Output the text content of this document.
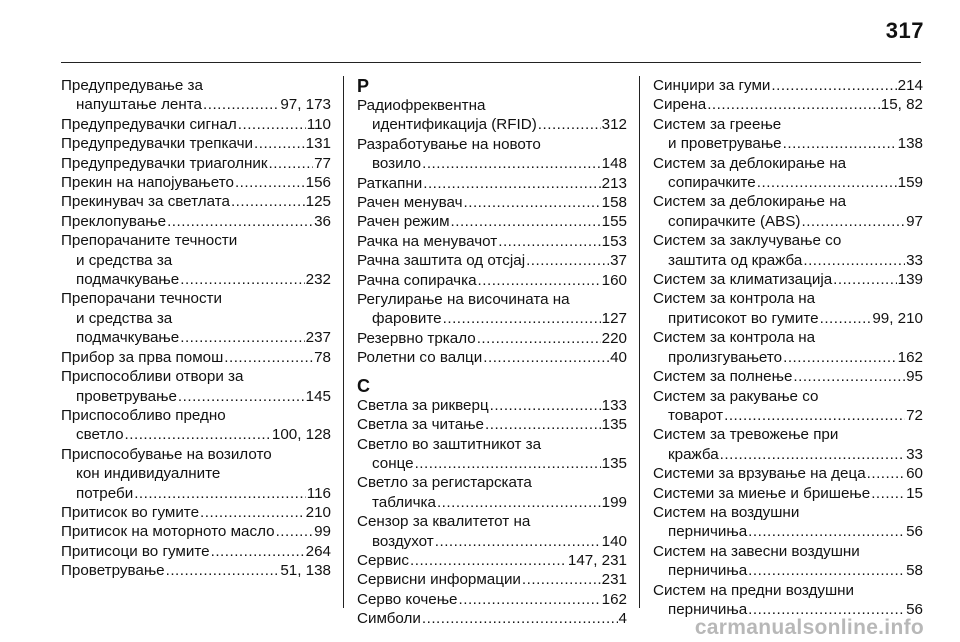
317
Предупредување за
напуштање лента .....	97, 173
Предупредувачки сигнал .....	110
Предупредувачки трепкачи .....	131
Предупредувачки триаголник .....	77
Прекин на напојувањето .....	156
Прекинувач за светлата .....	125
Преклопување .....	36
Препорачаните течности
и средства за
подмачкување .....	232
Препорачани течности
и средства за
подмачкување .....	237
Прибор за прва помош .....	78
Приспособливи отвори за
проветрување .....	145
Приспособливо предно
светло .....	100, 128
Приспособување на возилото
кон индивидуалните
потреби .....	116
Притисок во гумите .....	210
Притисок на моторното масло .....	99
Притисоци во гумите .....	264
Проветрување .....	51, 138
Р
Радиофреквентна
идентификација (RFID) .....	312
Разработување на новото
возило .....	148
Раткапни .....	213
Рачен менувач .....	158
Рачен режим .....	155
Рачка на менувачот .....	153
Рачна заштита од отсјај .....	37
Рачна сопирачка .....	160
Регулирање на височината на
фаровите .....	127
Резервно тркало .....	220
Ролетни со валци .....	40
С
Светла за рикверц .....	133
Светла за читање .....	135
Светло во заштитникот за
сонце .....	135
Светло за регистарската
табличка .....	199
Сензор за квалитетот на
воздухот .....	140
Сервис .....	147, 231
Сервисни информации .....	231
Серво кочење .....	162
Симболи .....	4
Синџири за гуми .....	214
Сирена .....	15, 82
Систем за греење
и проветрување .....	138
Систем за деблокирање на
сопирачките .....	159
Систем за деблокирање на
сопирачките (ABS) .....	97
Систем за заклучување со
заштита од кражба .....	33
Систем за климатизација .....	139
Систем за контрола на
притисокот во гумите .....	99, 210
Систем за контрола на
пролизгувањето .....	162
Систем за полнење .....	95
Систем за ракување со
товарот .....	72
Систем за тревожење при
кражба .....	33
Системи за врзување на деца .....	60
Системи за миење и бришење ..... 15
Систем на воздушни
перничиња .....	56
Систем на завесни воздушни
перничиња .....	58
Систем на предни воздушни
перничиња .....	56
carmanualsonline.info
